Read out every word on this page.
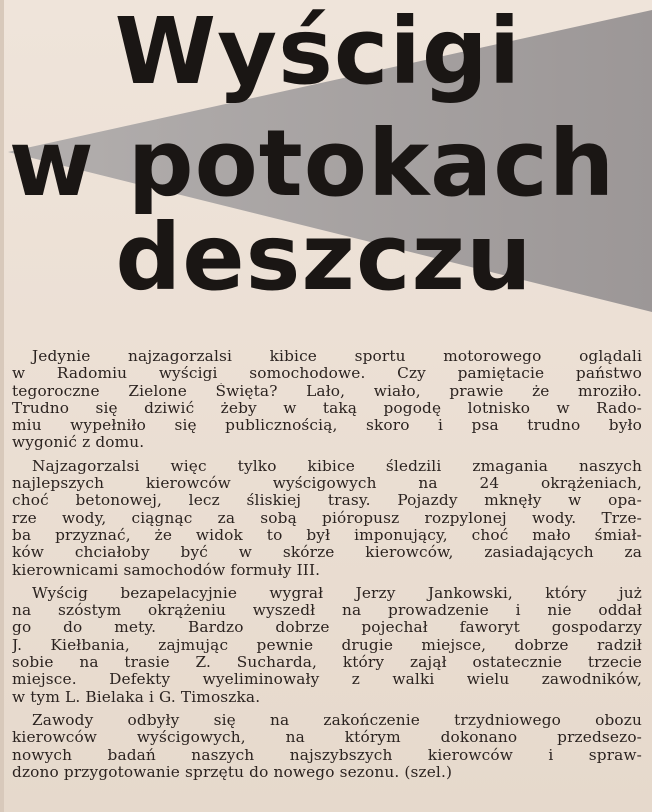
Wyścigi
w potokach
deszczu

Jedynie najzagorzalsi kibice sportu motorowego oglądali
w Radomiu wyścigi somochodowe. Czy pamiętacie państwo
tegoroczne Zielone Święta? Lało, wiało, prawie że mroziło.
Trudno się dziwić żeby w taką pogodę lotnisko w Rado-
miu wypełniło się publicznością, skoro i psa trudno było
wygonić z domu.

Najzagorzalsi więc tylko kibice śledzili zmagania naszych
najlepszych kierowców wyścigowych na 24 okrążeniach,
choć betonowej, lecz śliskiej trasy. Pojazdy mknęły w opa-
rze wody, ciągnąc za sobą pióropusz rozpylonej wody. Trze-
ba przyznać, że widok to był imponujący, choć mało śmiał-
ków chciałoby być w skórze kierowców, zasiadających za
kierownicami samochodów formuły III.

Wyścig bezapelacyjnie wygrał Jerzy Jankowski, który już
na szóstym okrążeniu wyszedł na prowadzenie i nie oddał
go do mety. Bardzo dobrze pojechał faworyt gospodarzy
J. Kiełbania, zajmując pewnie drugie miejsce, dobrze radził
sobie na trasie Z. Sucharda, który zajął ostatecznie trzecie
miejsce. Defekty wyeliminowały z walki wielu zawodników,
w tym L. Bielaka i G. Timoszka.

Zawody odbyły się na zakończenie trzydniowego obozu
kierowców wyścigowych, na którym dokonano przedsezo-
nowych badań naszych najszybszych kierowców i spraw-
dzono przygotowanie sprzętu do nowego sezonu. (szel.)
